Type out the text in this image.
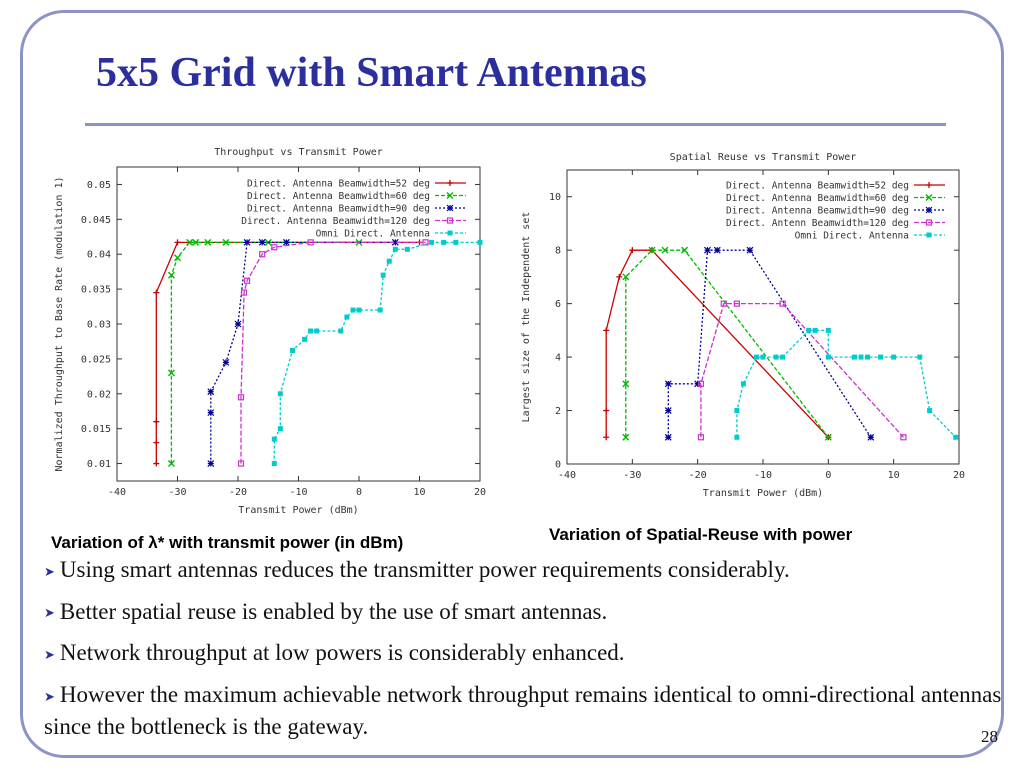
5x5 Grid with Smart Antennas
Throughput vs Transmit Power
-40	-30	-20	-10	0	10	20
0.01
0.015
0.02
0.025
0.03
0.035
0.04
0.045
0.05
Transmit Power (dBm)
Normalized Throughput to Base Rate (modulation 1)	Direct. Antenna Beamwidth=52 deg
Direct. Antenna Beamwidth=60 deg
Direct. Antenna Beamwidth=90 deg
Direct. Antenna Beamwidth=120 deg
Omni Direct. Antenna
Spatial Reuse vs Transmit Power
-40	-30	-20	-10	0	10	20
0
2
4
6
8
10
Transmit Power (dBm)
Largest size of the Independent set
Direct. Antenna Beamwidth=52 deg
Direct. Antenna Beamwidth=60 deg
Direct. Antenna Beamwidth=90 deg
Direct. Antenn Beamwidth=120 deg
Omni Direct. Antenna
Variation of λ* with transmit power (in dBm)	Variation of Spatial-Reuse with power
➤ Using smart antennas reduces the transmitter power requirements considerably.
➤ Better spatial reuse is enabled by the use of smart antennas.
➤ Network throughput at low powers is considerably enhanced.
➤ However the maximum achievable network throughput remains identical to omni-directional antennas since the bottleneck is the gateway.	28
